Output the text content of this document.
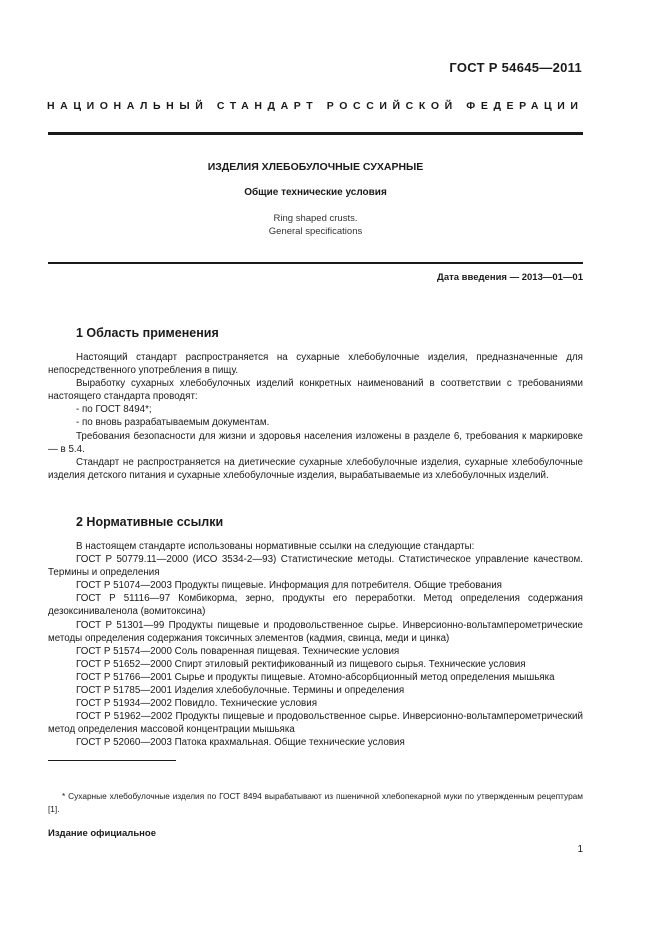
ГОСТ Р 54645—2011
НАЦИОНАЛЬНЫЙ СТАНДАРТ РОССИЙСКОЙ ФЕДЕРАЦИИ
ИЗДЕЛИЯ ХЛЕБОБУЛОЧНЫЕ СУХАРНЫЕ
Общие технические условия
Ring shaped crusts.
General specifications
Дата введения — 2013—01—01
1 Область применения

Настоящий стандарт распространяется на сухарные хлебобулочные изделия, предназначенные для непосредственного употребления в пищу.

Выработку сухарных хлебобулочных изделий конкретных наименований в соответствии с требованиями настоящего стандарта проводят:

- по ГОСТ 8494*;

- по вновь разрабатываемым документам.

Требования безопасности для жизни и здоровья населения изложены в разделе 6, требования к маркировке — в 5.4.

Стандарт не распространяется на диетические сухарные хлебобулочные изделия, сухарные хлебобулочные изделия детского питания и сухарные хлебобулочные изделия, вырабатываемые из хлебобулочных изделий.

2 Нормативные ссылки

В настоящем стандарте использованы нормативные ссылки на следующие стандарты:

ГОСТ Р 50779.11—2000 (ИСО 3534-2—93) Статистические методы. Статистическое управление качеством. Термины и определения

ГОСТ Р 51074—2003 Продукты пищевые. Информация для потребителя. Общие требования

ГОСТ Р 51116—97 Комбикорма, зерно, продукты его переработки. Метод определения содержания дезоксиниваленола (вомитоксина)

ГОСТ Р 51301—99 Продукты пищевые и продовольственное сырье. Инверсионно-вольтамперометрические методы определения содержания токсичных элементов (кадмия, свинца, меди и цинка)

ГОСТ Р 51574—2000 Соль поваренная пищевая. Технические условия

ГОСТ Р 51652—2000 Спирт этиловый ректификованный из пищевого сырья. Технические условия

ГОСТ Р 51766—2001 Сырье и продукты пищевые. Атомно-абсорбционный метод определения мышьяка

ГОСТ Р 51785—2001 Изделия хлебобулочные. Термины и определения

ГОСТ Р 51934—2002 Повидло. Технические условия

ГОСТ Р 51962—2002 Продукты пищевые и продовольственное сырье. Инверсионно-вольтамперометрический метод определения массовой концентрации мышьяка

ГОСТ Р 52060—2003 Патока крахмальная. Общие технические условия

* Сухарные хлебобулочные изделия по ГОСТ 8494 вырабатывают из пшеничной хлебопекарной муки по утвержденным рецептурам [1].
Издание официальное
1
